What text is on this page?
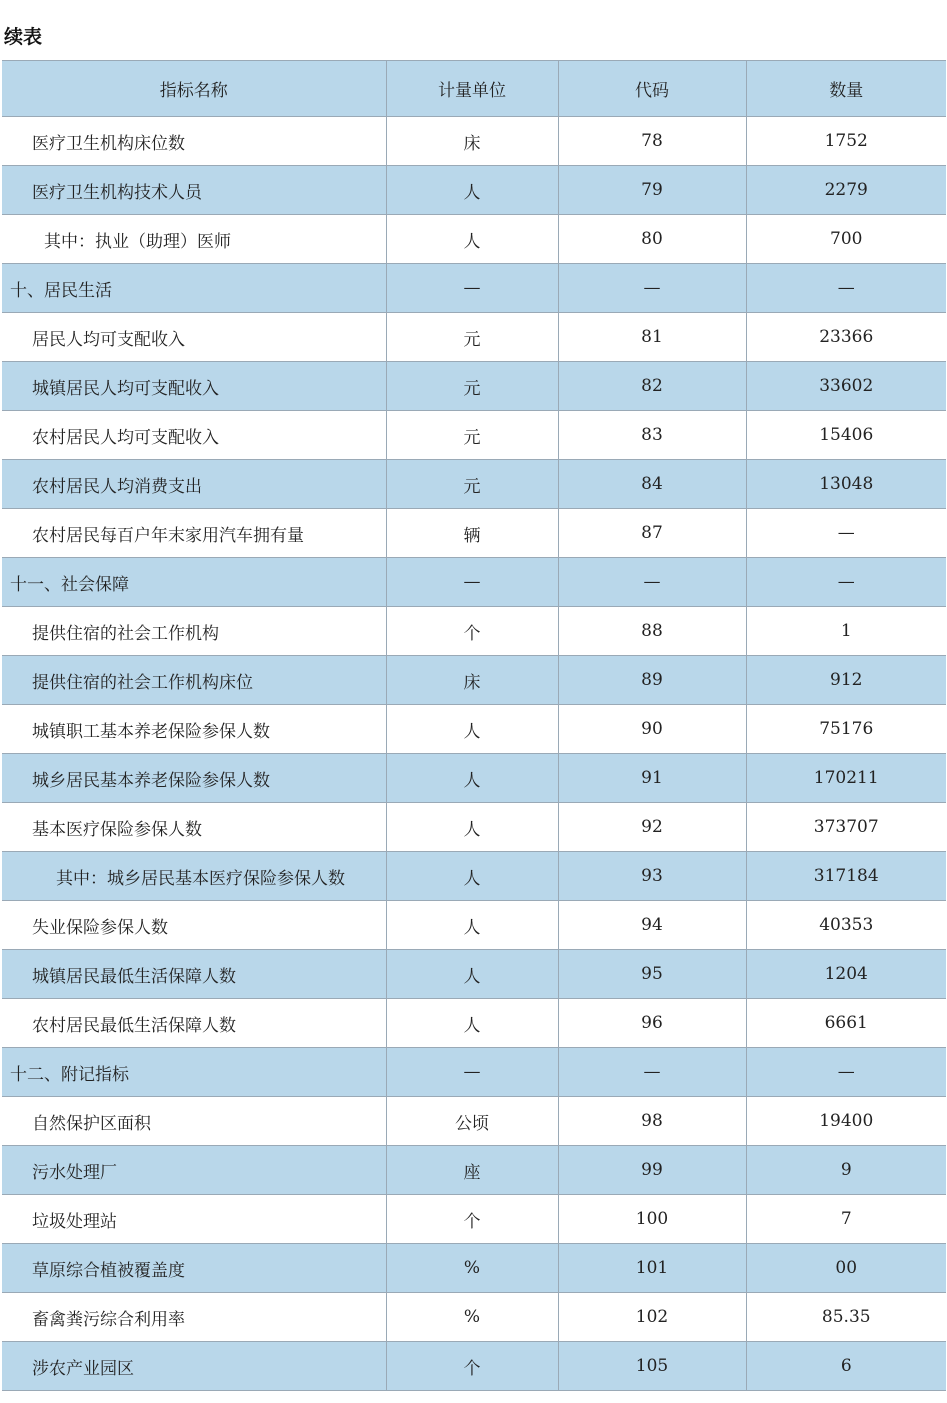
续表
指标名称	计量单位	代码	数量
医疗卫生机构床位数	床	78	1752
医疗卫生机构技术人员	人	79	2279
其中：执业（助理）医师	人	80	700
十、居民生活	—	—	—
居民人均可支配收入	元	81	23366
城镇居民人均可支配收入	元	82	33602
农村居民人均可支配收入	元	83	15406
农村居民人均消费支出	元	84	13048
农村居民每百户年末家用汽车拥有量	辆	87	—
十一、社会保障	—	—	—
提供住宿的社会工作机构	个	88	1
提供住宿的社会工作机构床位	床	89	912
城镇职工基本养老保险参保人数	人	90	75176
城乡居民基本养老保险参保人数	人	91	170211
基本医疗保险参保人数	人	92	373707
其中：城乡居民基本医疗保险参保人数	人	93	317184
失业保险参保人数	人	94	40353
城镇居民最低生活保障人数	人	95	1204
农村居民最低生活保障人数	人	96	6661
十二、附记指标	—	—	—
自然保护区面积	公顷	98	19400
污水处理厂	座	99	9
垃圾处理站	个	100	7
草原综合植被覆盖度	%	101	00
畜禽粪污综合利用率	%	102	85.35
涉农产业园区	个	105	6
